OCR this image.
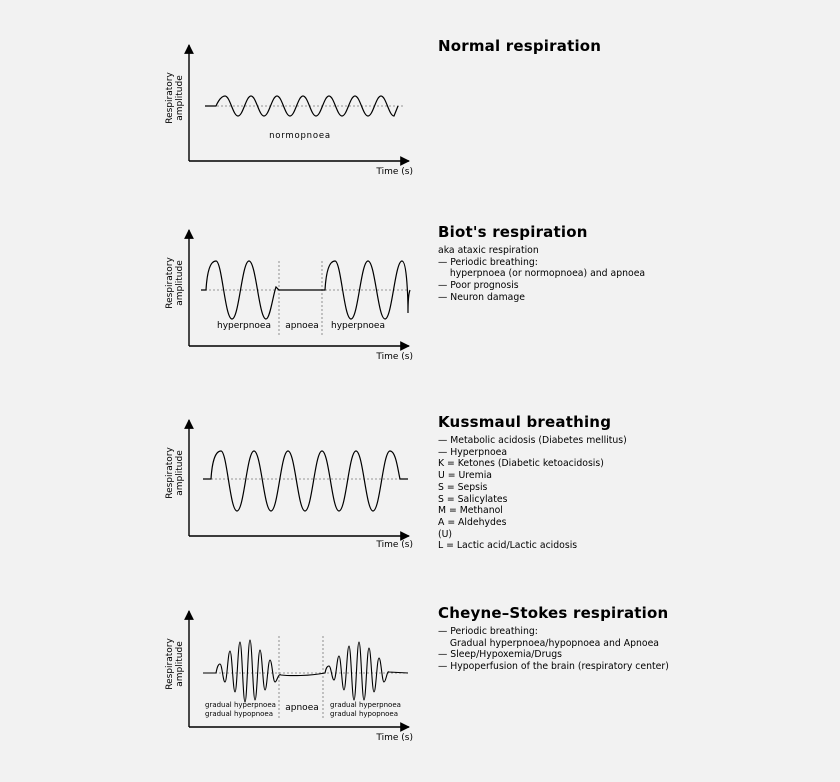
Respiratory amplitude
Time (s)
normopnoea
Normal respiration
Respiratory amplitude
Time (s)
hyperpnoea apnoea hyperpnoea
Biot's respiration
aka ataxic respiration
— Periodic breathing:
hyperpnoea (or normopnoea) and apnoea
— Poor prognosis
— Neuron damage
Respiratory amplitude
Time (s)
Kussmaul breathing
— Metabolic acidosis (Diabetes mellitus)
— Hyperpnoea
K = Ketones (Diabetic ketoacidosis)
U = Uremia
S = Sepsis
S = Salicylates
M = Methanol
A = Aldehydes
(U)
L = Lactic acid/Lactic acidosis
Respiratory amplitude
Time (s)
gradual hyperpnoea
gradual hypopnoea
apnoea gradual hyperpnoea
gradual hypopnoea
Cheyne–Stokes respiration
— Periodic breathing:
Gradual hyperpnoea/hypopnoea and Apnoea
— Sleep/Hypoxemia/Drugs
— Hypoperfusion of the brain (respiratory center)
